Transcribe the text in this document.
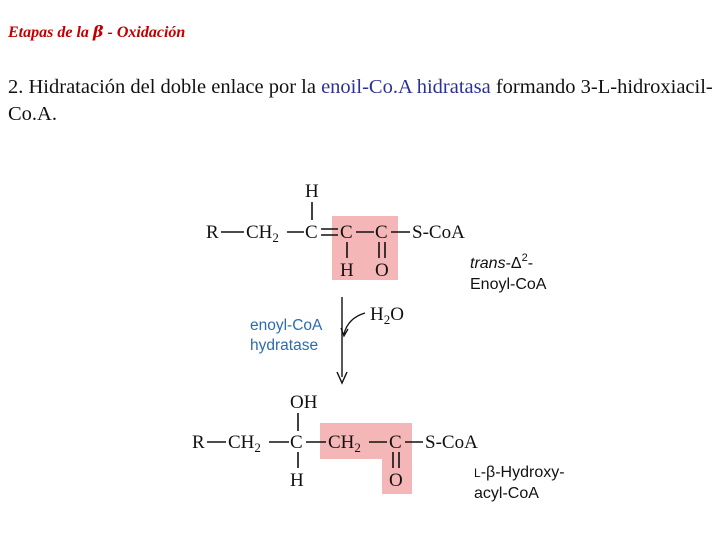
Etapas de la β - Oxidación
2. Hidratación del doble enlace por la enoil-Co.A hidratasa formando 3-L-hidroxiacil-Co.A.
R $CH_2$ C C C S-CoA
H
H O	trans-$\Delta^2-$
Enoyl-CoA
$H_2O$
enoyl-CoA
hydratase
OH
R $CH_2$ C $CH_2$ C S-CoA
H	O	L-β-Hydroxy-
acyl-CoA
